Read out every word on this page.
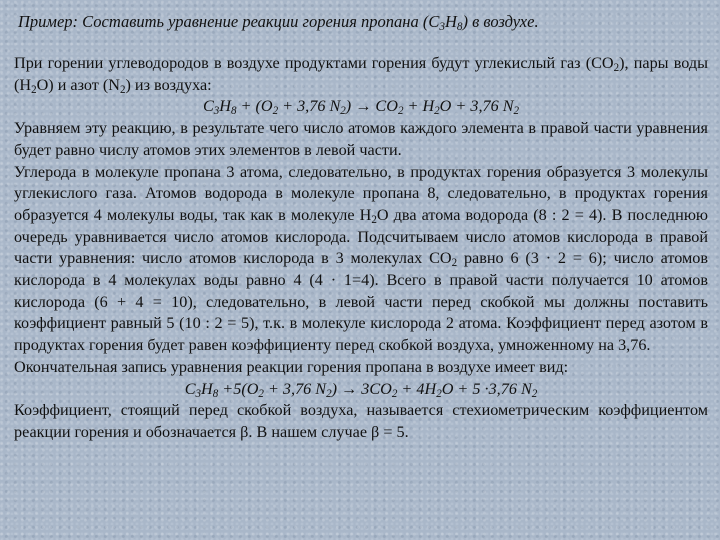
Пример: Составить уравнение реакции горения пропана $(C_3H_8)$ в воздухе.

При горении углеводородов в воздухе продуктами горения будут углекислый газ $(CO_2)$, пары воды $(H_2O)$ и азот $(N_2)$ из воздуха:

$C_3H_8 + (O_2 + 3,76$ $N_2) \to CO_2 + H_2O + 3,76$ $N_2$

Уравняем эту реакцию, в результате чего число атомов каждого элемента в правой части уравнения будет равно числу атомов этих элементов в левой части.

Углерода в молекуле пропана 3 атома, следовательно, в продуктах горения образуется 3 молекулы углекислого газа. Атомов водорода в молекуле пропана 8, следовательно, в продуктах горения образуется 4 молекулы воды, так как в молекуле $H_2O$ два атома водорода (8 : 2 = 4). В последнюю очередь уравнивается число атомов кислорода. Подсчитываем число атомов кислорода в правой части уравнения: число атомов кислорода в 3 молекулах $CO_2$ равно 6 (3 · 2 = 6); число атомов кислорода в 4 молекулах воды равно 4 (4 · 1=4). Всего в правой части получается 10 атомов кислорода (6 + 4 = 10), следовательно, в левой части перед скобкой мы должны поставить коэффициент равный 5 (10 : 2 = 5), т.к. в молекуле кислорода 2 атома. Коэффициент перед азотом в продуктах горения будет равен коэффициенту перед скобкой воздуха, умноженному на 3,76.

Окончательная запись уравнения реакции горения пропана в воздухе имеет вид:

$C_3H_8 +5(O_2 + 3,76$ $N_2) \to 3CO_2 + 4H_2O + 5 \cdot 3,76$ $N_2$

Коэффициент, стоящий перед скобкой воздуха, называется стехиометрическим коэффициентом реакции горения и обозначается β. В нашем случае β = 5.
